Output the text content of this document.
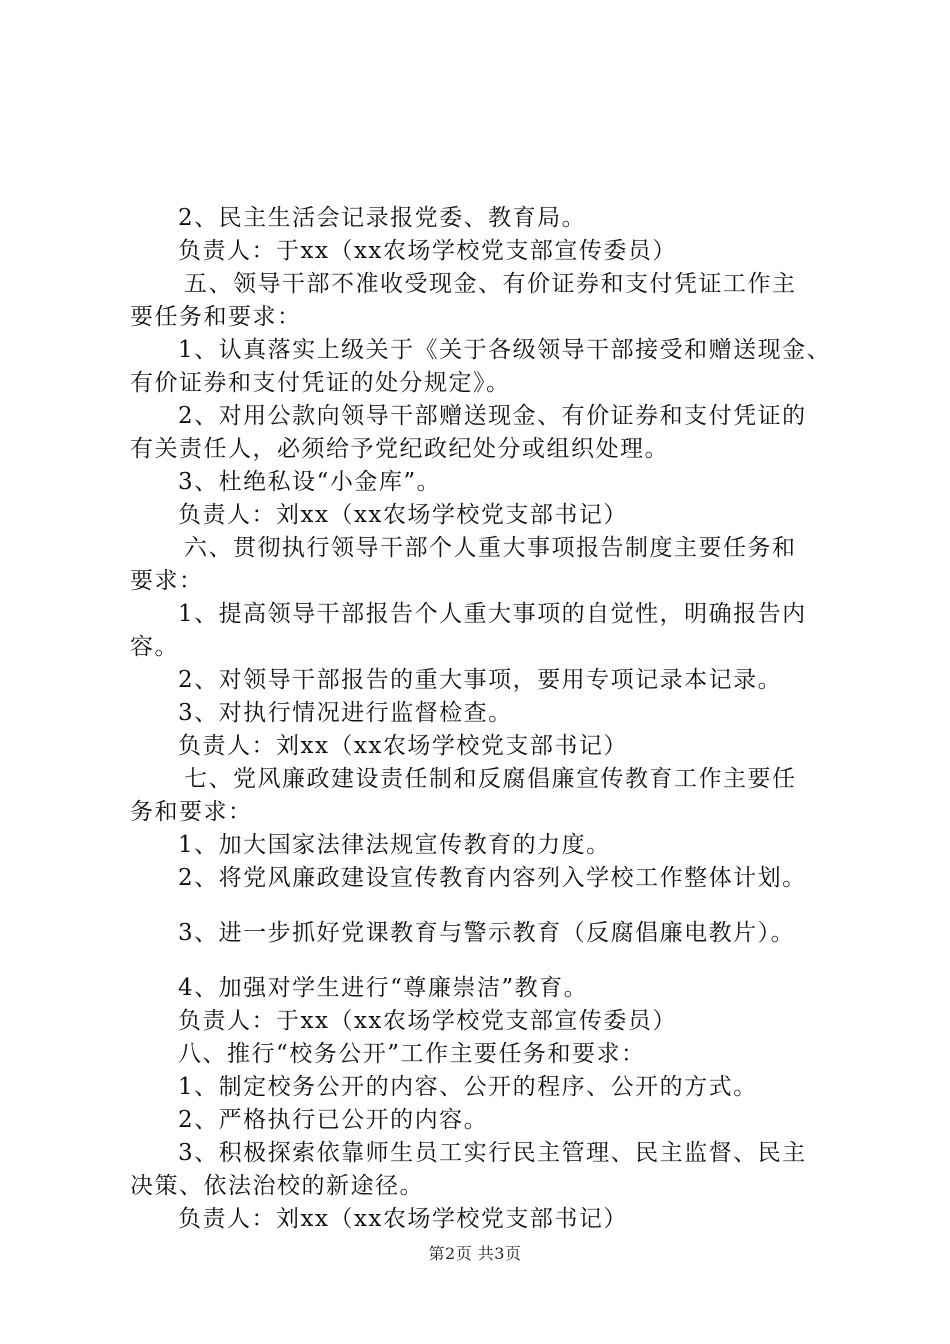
2、民主生活会记录报党委、教育局。
负责人：于xx（xx农场学校党支部宣传委员）
五、领导干部不准收受现金、有价证券和支付凭证工作主
要任务和要求：
1、认真落实上级关于《关于各级领导干部接受和赠送现金、
有价证券和支付凭证的处分规定》。
2、对用公款向领导干部赠送现金、有价证券和支付凭证的
有关责任人，必须给予党纪政纪处分或组织处理。
3、杜绝私设“小金库”。
负责人：刘xx（xx农场学校党支部书记）
六、贯彻执行领导干部个人重大事项报告制度主要任务和
要求：
1、提高领导干部报告个人重大事项的自觉性，明确报告内
容。
2、对领导干部报告的重大事项，要用专项记录本记录。
3、对执行情况进行监督检查。
负责人：刘xx（xx农场学校党支部书记）
七、党风廉政建设责任制和反腐倡廉宣传教育工作主要任
务和要求：
1、加大国家法律法规宣传教育的力度。
2、将党风廉政建设宣传教育内容列入学校工作整体计划。
3、进一步抓好党课教育与警示教育（反腐倡廉电教片）。
4、加强对学生进行“尊廉崇洁”教育。
负责人：于xx（xx农场学校党支部宣传委员）
八、推行“校务公开”工作主要任务和要求：
1、制定校务公开的内容、公开的程序、公开的方式。
2、严格执行已公开的内容。
3、积极探索依靠师生员工实行民主管理、民主监督、民主
决策、依法治校的新途径。
负责人：刘xx（xx农场学校党支部书记）
第2页 共3页
